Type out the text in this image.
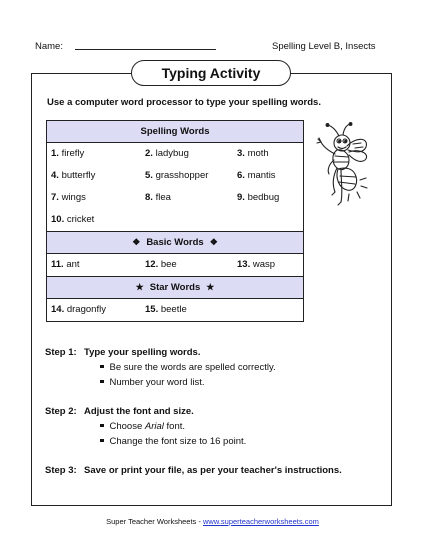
Name:	Spelling Level B, Insects
Typing Activity
Use a computer word processor to type your spelling words.
Spelling Words

1. firefly	2. ladybug	3. moth
4. butterfly	5. grasshopper	6. mantis
7. wings	8. flea	9. bedbug
10. cricket

❖ Basic Words ❖

11. ant	12. bee	13. wasp

★ Star Words ★

14. dragonfly	15. beetle
Step 1: Type your spelling words.
Be sure the words are spelled correctly.
Number your word list.
Step 2: Adjust the font and size.
Choose Arial font.
Change the font size to 16 point.
Step 3: Save or print your file, as per your teacher's instructions.
Super Teacher Worksheets - www.superteacherworksheets.com
